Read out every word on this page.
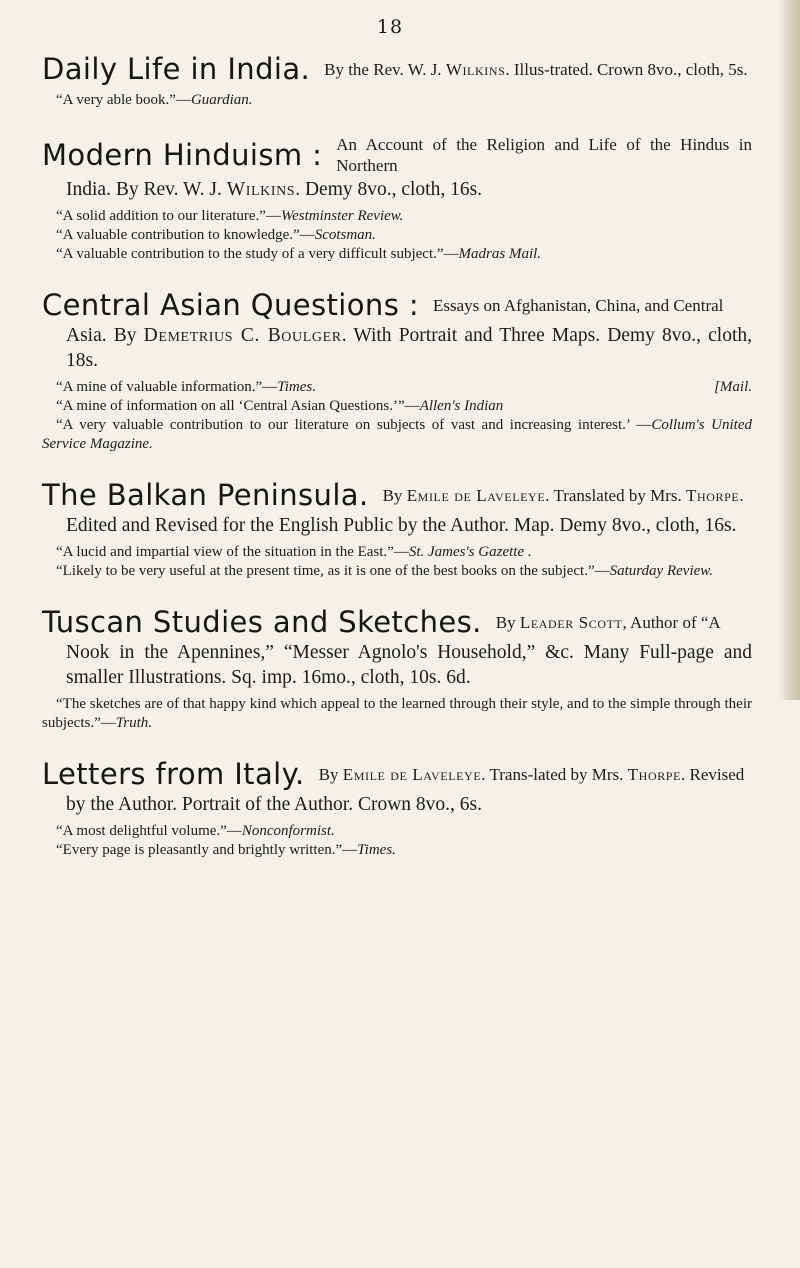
18
Daily Life in India. By the Rev. W. J. Wilkins. Illus-trated. Crown 8vo., cloth, 5s.
“A very able book.”—Guardian.
Modern Hinduism : An Account of the Religion and Life of the Hindus in Northern
India. By Rev. W. J. Wilkins. Demy 8vo., cloth, 16s.
“A solid addition to our literature.”—Westminster Review.
“A valuable contribution to knowledge.”—Scotsman.
“A valuable contribution to the study of a very difficult subject.”—Madras Mail.
Central Asian Questions : Essays on Afghanistan, China, and Central
Asia. By Demetrius C. Boulger. With Portrait and Three Maps. Demy 8vo., cloth, 18s.
“A mine of valuable information.”—Times.	[Mail.
“A mine of information on all ‘Central Asian Questions.’”—Allen's Indian
“A very valuable contribution to our literature on subjects of vast and increasing interest.’ —Collum's United Service Magazine.
The Balkan Peninsula. By Emile de Laveleye. Translated by Mrs. Thorpe.
Edited and Revised for the English Public by the Author. Map. Demy 8vo., cloth, 16s.
“A lucid and impartial view of the situation in the East.”—St. James's Gazette .
“Likely to be very useful at the present time, as it is one of the best books on the subject.”—Saturday Review.
Tuscan Studies and Sketches. By Leader Scott, Author of “A
Nook in the Apennines,” “Messer Agnolo's Household,” &c. Many Full-page and smaller Illustrations. Sq. imp. 16mo., cloth, 10s. 6d.
“The sketches are of that happy kind which appeal to the learned through their style, and to the simple through their subjects.”—Truth.
Letters from Italy. By Emile de Laveleye. Trans-lated by Mrs. Thorpe. Revised
by the Author. Portrait of the Author. Crown 8vo., 6s.
“A most delightful volume.”—Nonconformist.
“Every page is pleasantly and brightly written.”—Times.
